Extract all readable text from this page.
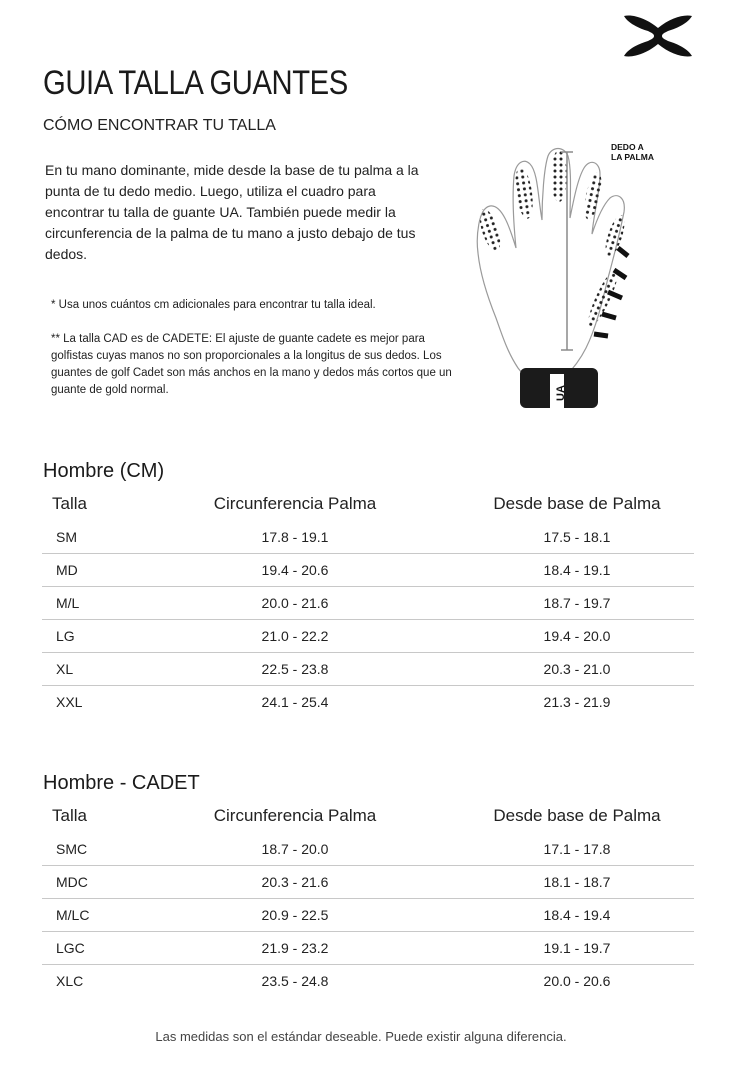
GUIA TALLA GUANTES
CÓMO ENCONTRAR TU TALLA
En tu mano dominante, mide desde la base de tu palma a la punta de tu dedo medio. Luego, utiliza el cuadro para encontrar tu talla de guante UA. También puede medir la circunferencia de la palma de tu mano a justo debajo de tus dedos.
* Usa unos cuántos cm adicionales para encontrar tu talla ideal.
** La talla CAD es de CADETE: El ajuste de guante cadete es mejor para golfistas cuyas manos no son proporcionales a la longitus de sus dedos. Los guantes de golf Cadet son más anchos en la mano y dedos más cortos que un guante de gold normal.	UA
DEDO A
LA PALMA
Hombre (CM)
Talla	Circunferencia Palma	Desde base de Palma
SM	17.8 - 19.1	17.5 - 18.1
MD	19.4 - 20.6	18.4 - 19.1
M/L	20.0 - 21.6	18.7 - 19.7
LG	21.0 - 22.2	19.4 - 20.0
XL	22.5 - 23.8	20.3 - 21.0
XXL	24.1 - 25.4	21.3 - 21.9
Hombre - CADET
Talla	Circunferencia Palma	Desde base de Palma
SMC	18.7 - 20.0	17.1 - 17.8
MDC	20.3 - 21.6	18.1 - 18.7
M/LC	20.9 - 22.5	18.4 - 19.4
LGC	21.9 - 23.2	19.1 - 19.7
XLC	23.5 - 24.8	20.0 - 20.6
Las medidas son el estándar deseable. Puede existir alguna diferencia.
